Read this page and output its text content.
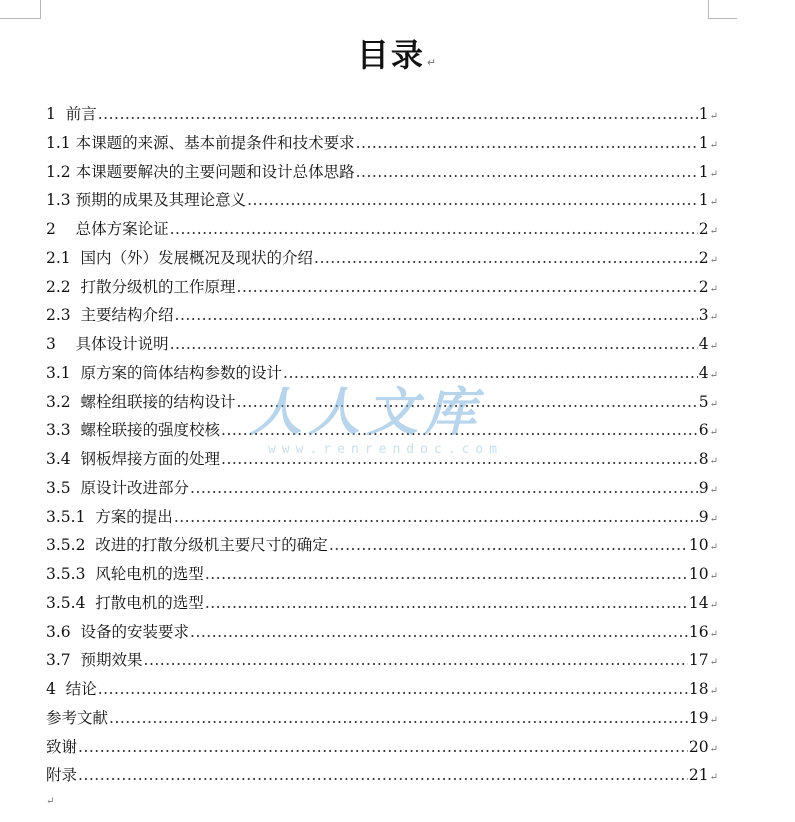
目录 ↵
1 前言 .....	1 ↵
1.1 本课题的来源、基本前提条件和技术要求 .....	1 ↵
1.2 本课题要解决的主要问题和设计总体思路 .....	1 ↵
1.3 预期的成果及其理论意义 .....	1 ↵
2 总体方案论证 .....	2 ↵
2.1 国内（外）发展概况及现状的介绍 .....	2 ↵
2.2 打散分级机的工作原理 .....	2 ↵
2.3 主要结构介绍 .....	3 ↵
3 具体设计说明 .....	4 ↵
3.1 原方案的筒体结构参数的设计 .....	4 ↵
3.2 螺栓组联接的结构设计 .....	5 ↵
3.3 螺栓联接的强度校核 .....	6 ↵
3.4 钢板焊接方面的处理 .....	8 ↵
3.5 原设计改进部分 .....	9 ↵
3.5.1 方案的提出 .....	9 ↵
3.5.2 改进的打散分级机主要尺寸的确定 .....	10 ↵
3.5.3 风轮电机的选型 .....	10 ↵
3.5.4 打散电机的选型 .....	14 ↵
3.6 设备的安装要求 .....	16 ↵
3.7 预期效果 .....	17 ↵
4 结论 .....	18 ↵
参考文献 .....	19 ↵
致谢 .....	20 ↵
附录 .....	21 ↵
↵
人人文库
www.renrendoc.com
